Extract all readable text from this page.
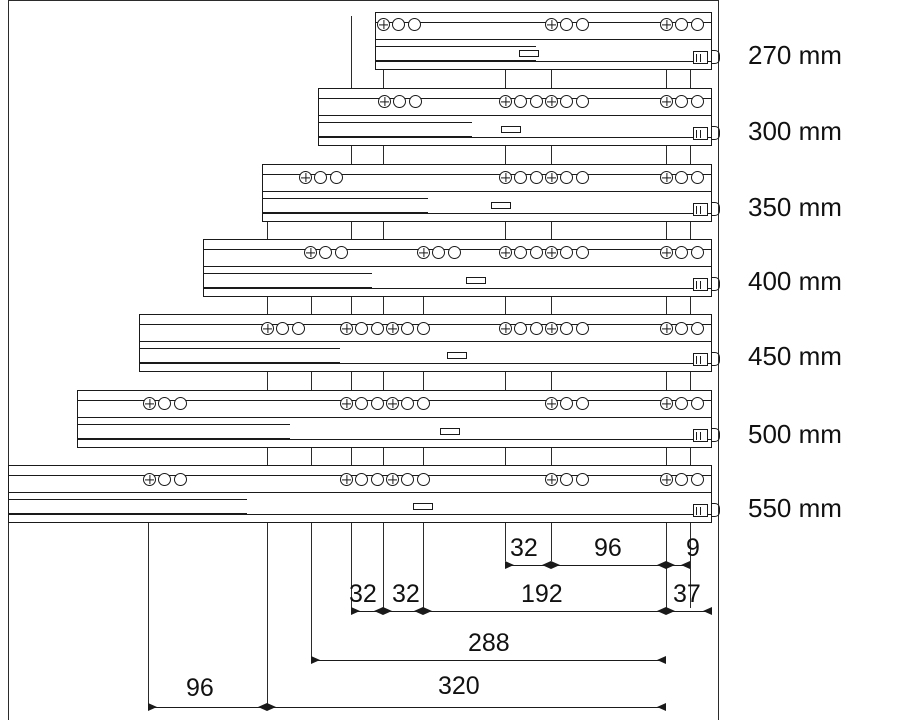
270 mm
300 mm
350 mm
400 mm
450 mm
500 mm
550 mm
32 96	9
32 32	192	37
288
96	320
